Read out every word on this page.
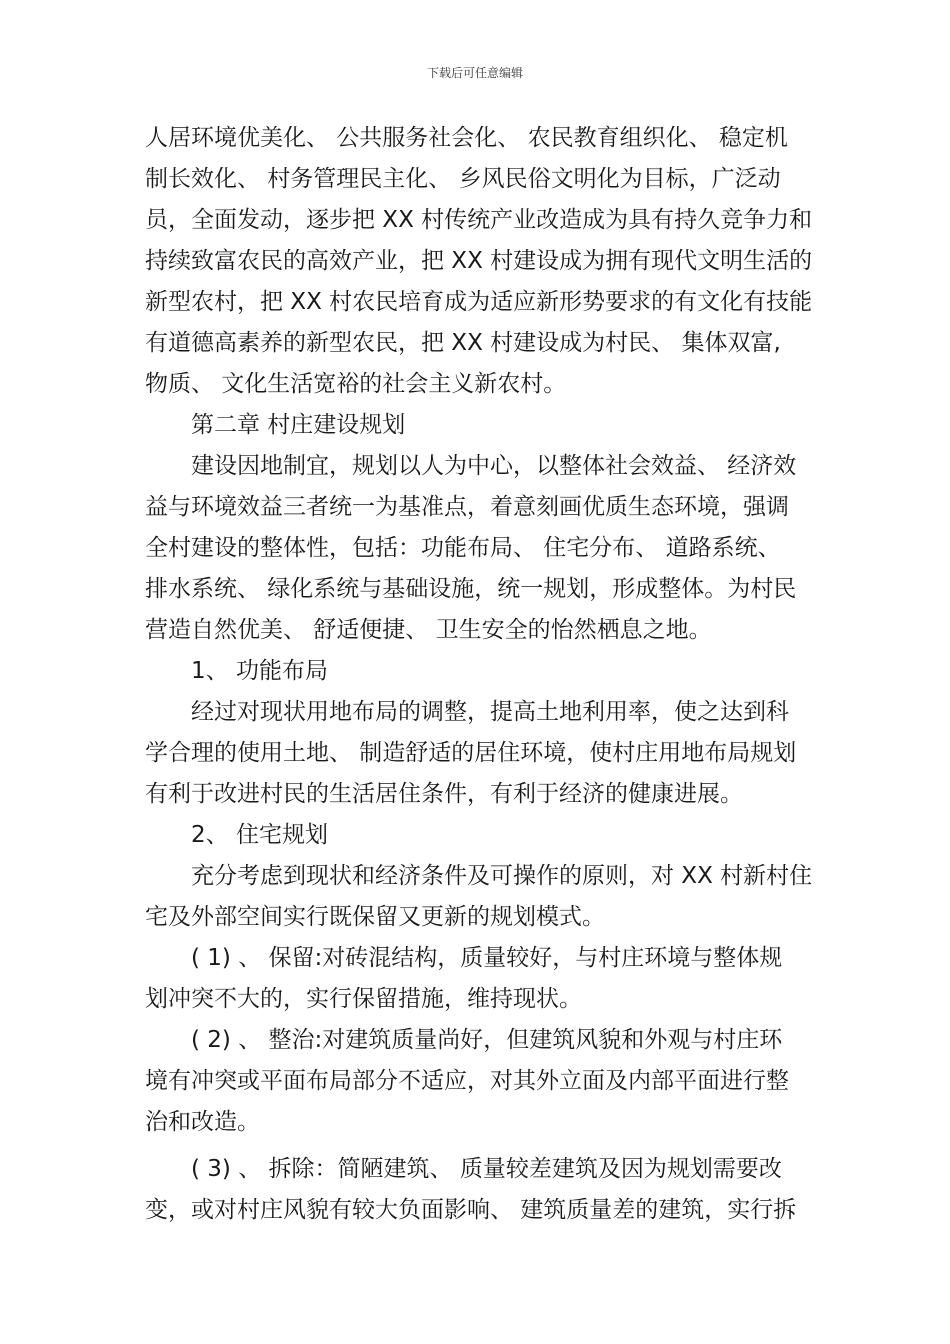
下载后可任意编辑
人居环境优美化、 公共服务社会化、 农民教育组织化、 稳定机
制长效化、 村务管理民主化、 乡风民俗文明化为目标，广泛动
员，全面发动，逐步把 XX 村传统产业改造成为具有持久竞争力和
持续致富农民的高效产业，把 XX 村建设成为拥有现代文明生活的
新型农村，把 XX 村农民培育成为适应新形势要求的有文化有技能
有道德高素养的新型农民，把 XX 村建设成为村民、 集体双富,
物质、 文化生活宽裕的社会主义新农村。
第二章 村庄建设规划
建设因地制宜，规划以人为中心，以整体社会效益、 经济效
益与环境效益三者统一为基准点，着意刻画优质生态环境，强调
全村建设的整体性，包括：功能布局、 住宅分布、 道路系统、
排水系统、 绿化系统与基础设施，统一规划，形成整体。为村民
营造自然优美、 舒适便捷、 卫生安全的怡然栖息之地。
1、 功能布局
经过对现状用地布局的调整，提高土地利用率，使之达到科
学合理的使用土地、 制造舒适的居住环境，使村庄用地布局规划
有利于改进村民的生活居住条件，有利于经济的健康进展。
2、 住宅规划
充分考虑到现状和经济条件及可操作的原则，对 XX 村新村住
宅及外部空间实行既保留又更新的规划模式。
( 1) 、 保留:对砖混结构，质量较好，与村庄环境与整体规
划冲突不大的，实行保留措施，维持现状。
( 2) 、 整治:对建筑质量尚好，但建筑风貌和外观与村庄环
境有冲突或平面布局部分不适应，对其外立面及内部平面进行整
治和改造。
( 3) 、 拆除：简陋建筑、 质量较差建筑及因为规划需要改
变，或对村庄风貌有较大负面影响、 建筑质量差的建筑，实行拆
